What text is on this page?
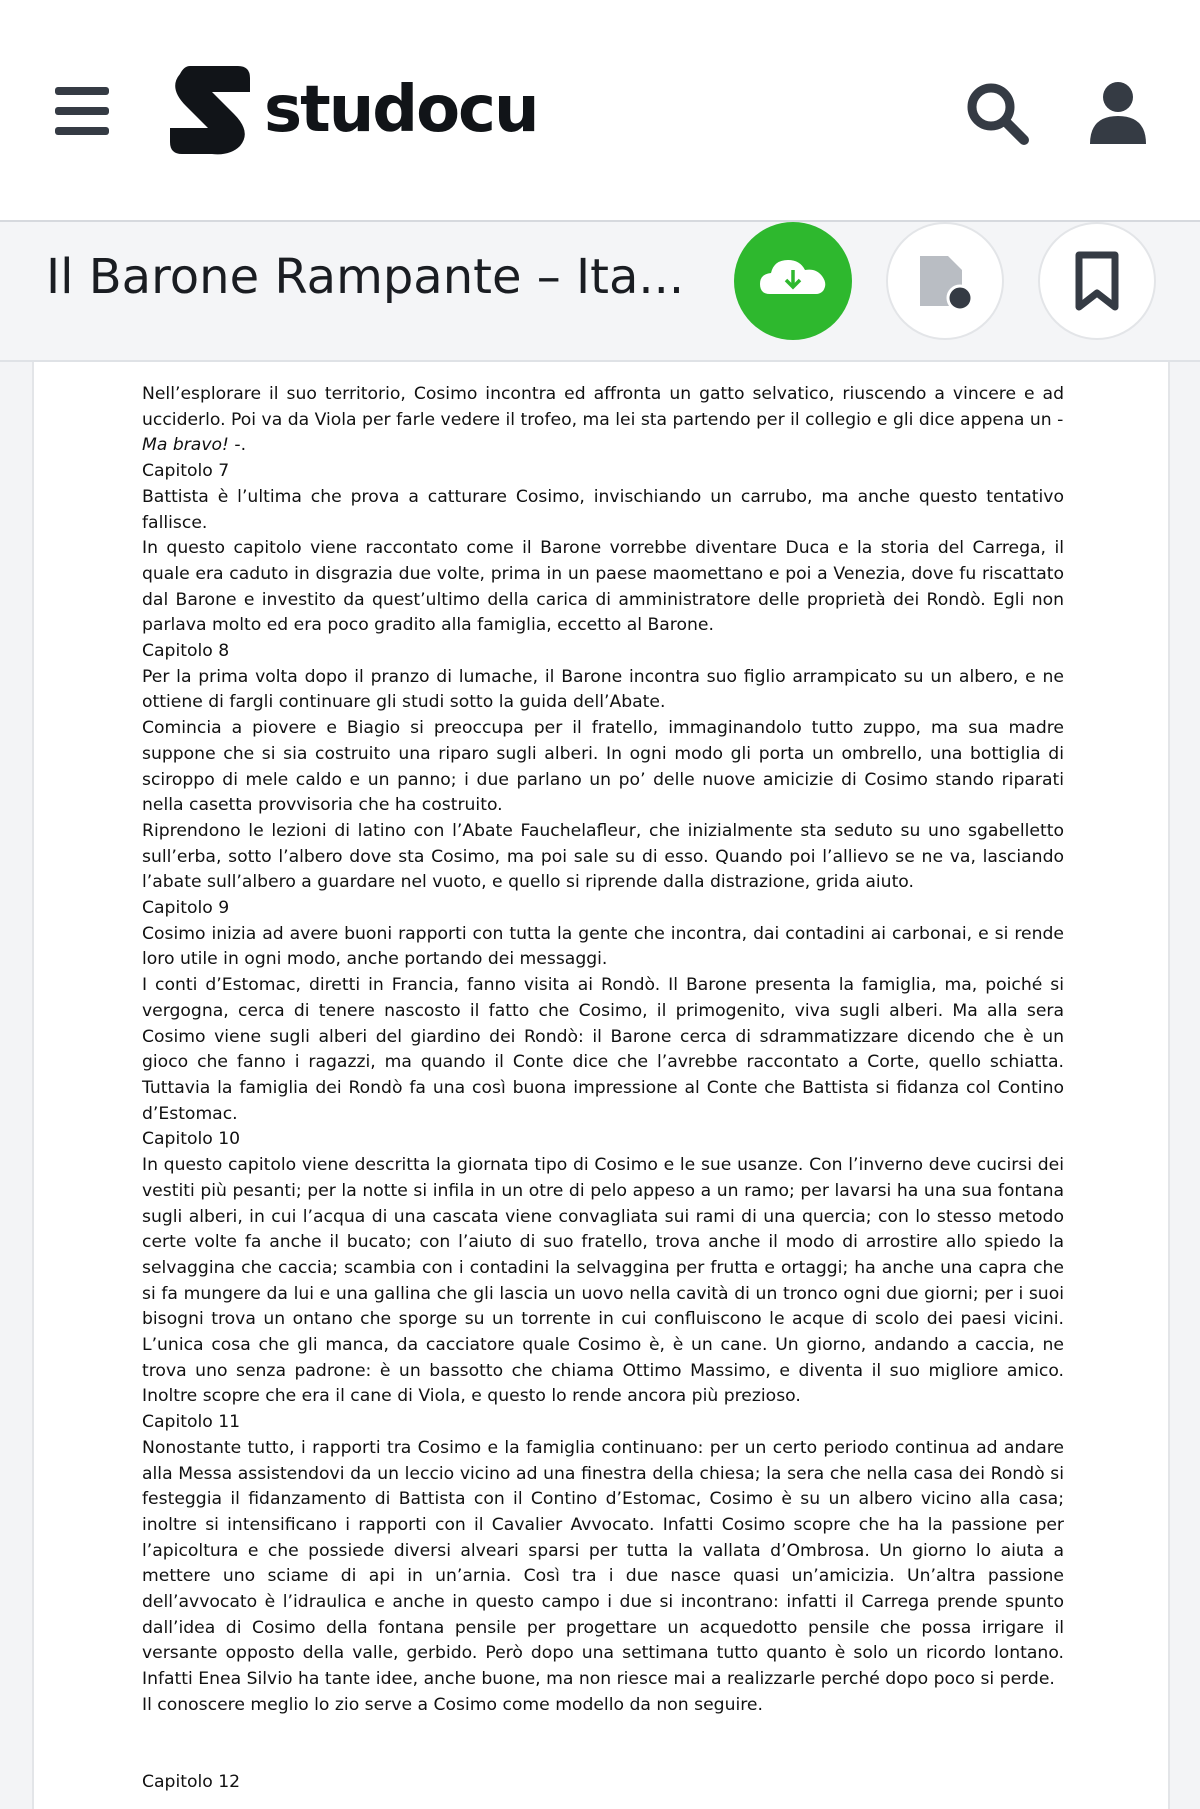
studocu
Il Barone Rampante – Ita...

Nell’esplorare il suo territorio, Cosimo incontra ed affronta un gatto selvatico, riuscendo a vincere e ad ucciderlo. Poi va da Viola per farle vedere il trofeo, ma lei sta partendo per il collegio e gli dice appena un -
Ma bravo! -.

Capitolo 7

Battista è l’ultima che prova a catturare Cosimo, invischiando un carrubo, ma anche questo tentativo fallisce.

In questo capitolo viene raccontato come il Barone vorrebbe diventare Duca e la storia del Carrega, il quale era caduto in disgrazia due volte, prima in un paese maomettano e poi a Venezia, dove fu riscattato dal Barone e investito da quest’ultimo della carica di amministratore delle proprietà dei Rondò. Egli non parlava molto ed era poco gradito alla famiglia, eccetto al Barone.

Capitolo 8

Per la prima volta dopo il pranzo di lumache, il Barone incontra suo figlio arrampicato su un albero, e ne ottiene di fargli continuare gli studi sotto la guida dell’Abate.

Comincia a piovere e Biagio si preoccupa per il fratello, immaginandolo tutto zuppo, ma sua madre suppone che si sia costruito una riparo sugli alberi. In ogni modo gli porta un ombrello, una bottiglia di sciroppo di mele caldo e un panno; i due parlano un po’ delle nuove amicizie di Cosimo stando riparati nella casetta provvisoria che ha costruito.

Riprendono le lezioni di latino con l’Abate Fauchelafleur, che inizialmente sta seduto su uno sgabelletto sull’erba, sotto l’albero dove sta Cosimo, ma poi sale su di esso. Quando poi l’allievo se ne va, lasciando l’abate sull’albero a guardare nel vuoto, e quello si riprende dalla distrazione, grida aiuto.

Capitolo 9

Cosimo inizia ad avere buoni rapporti con tutta la gente che incontra, dai contadini ai carbonai, e si rende loro utile in ogni modo, anche portando dei messaggi.

I conti d’Estomac, diretti in Francia, fanno visita ai Rondò. Il Barone presenta la famiglia, ma, poiché si vergogna, cerca di tenere nascosto il fatto che Cosimo, il primogenito, viva sugli alberi. Ma alla sera Cosimo viene sugli alberi del giardino dei Rondò: il Barone cerca di sdrammatizzare dicendo che è un gioco che fanno i ragazzi, ma quando il Conte dice che l’avrebbe raccontato a Corte, quello schiatta. Tuttavia la famiglia dei Rondò fa una così buona impressione al Conte che Battista si fidanza col Contino d’Estomac.

Capitolo 10

In questo capitolo viene descritta la giornata tipo di Cosimo e le sue usanze. Con l’inverno deve cucirsi dei vestiti più pesanti; per la notte si infila in un otre di pelo appeso a un ramo; per lavarsi ha una sua fontana sugli alberi, in cui l’acqua di una cascata viene convagliata sui rami di una quercia; con lo stesso metodo certe volte fa anche il bucato; con l’aiuto di suo fratello, trova anche il modo di arrostire allo spiedo la selvaggina che caccia; scambia con i contadini la selvaggina per frutta e ortaggi; ha anche una capra che si fa mungere da lui e una gallina che gli lascia un uovo nella cavità di un tronco ogni due giorni; per i suoi bisogni trova un ontano che sporge su un torrente in cui confluiscono le acque di scolo dei paesi vicini. L’unica cosa che gli manca, da cacciatore quale Cosimo è, è un cane. Un giorno, andando a caccia, ne trova uno senza padrone: è un bassotto che chiama Ottimo Massimo, e diventa il suo migliore amico. Inoltre scopre che era il cane di Viola, e questo lo rende ancora più prezioso.

Capitolo 11

Nonostante tutto, i rapporti tra Cosimo e la famiglia continuano: per un certo periodo continua ad andare alla Messa assistendovi da un leccio vicino ad una finestra della chiesa; la sera che nella casa dei Rondò si festeggia il fidanzamento di Battista con il Contino d’Estomac, Cosimo è su un albero vicino alla casa; inoltre si intensificano i rapporti con il Cavalier Avvocato. Infatti Cosimo scopre che ha la passione per l’apicoltura e che possiede diversi alveari sparsi per tutta la vallata d’Ombrosa. Un giorno lo aiuta a mettere uno sciame di api in un’arnia. Così tra i due nasce quasi un’amicizia. Un’altra passione dell’avvocato è l’idraulica e anche in questo campo i due si incontrano: infatti il Carrega prende spunto dall’idea di Cosimo della fontana pensile per progettare un acquedotto pensile che possa irrigare il versante opposto della valle, gerbido. Però dopo una settimana tutto quanto è solo un ricordo lontano. Infatti Enea Silvio ha tante idee, anche buone, ma non riesce mai a realizzarle perché dopo poco si perde.

Il conoscere meglio lo zio serve a Cosimo come modello da non seguire.

Capitolo 12
